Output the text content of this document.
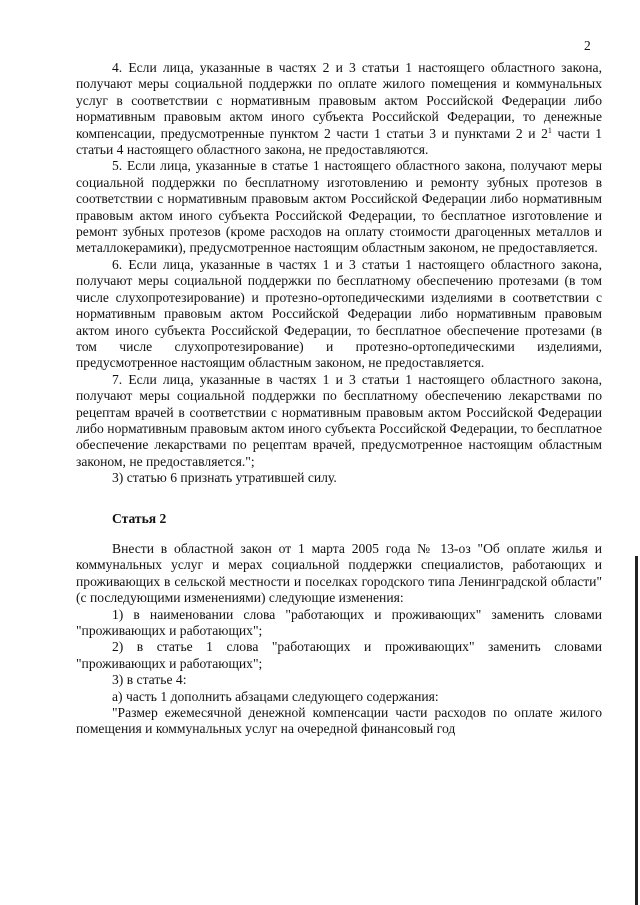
2

4. Если лица, указанные в частях 2 и 3 статьи 1 настоящего областного закона, получают меры социальной поддержки по оплате жилого помещения и коммунальных услуг в соответствии с нормативным правовым актом Российской Федерации либо нормативным правовым актом иного субъекта Российской Федерации, то денежные компенсации, предусмотренные пунктом 2 части 1 статьи 3 и пунктами 2 и $2^1$ части 1 статьи 4 настоящего областного закона, не предоставляются.

5. Если лица, указанные в статье 1 настоящего областного закона, получают меры социальной поддержки по бесплатному изготовлению и ремонту зубных протезов в соответствии с нормативным правовым актом Российской Федерации либо нормативным правовым актом иного субъекта Российской Федерации, то бесплатное изготовление и ремонт зубных протезов (кроме расходов на оплату стоимости драгоценных металлов и металлокерамики), предусмотренное настоящим областным законом, не предоставляется.

6. Если лица, указанные в частях 1 и 3 статьи 1 настоящего областного закона, получают меры социальной поддержки по бесплатному обеспечению протезами (в том числе слухопротезирование) и протезно-ортопедическими изделиями в соответствии с нормативным правовым актом Российской Федерации либо нормативным правовым актом иного субъекта Российской Федерации, то бесплатное обеспечение протезами (в том числе слухопротезирование) и протезно-ортопедическими изделиями, предусмотренное настоящим областным законом, не предоставляется.

7. Если лица, указанные в частях 1 и 3 статьи 1 настоящего областного закона, получают меры социальной поддержки по бесплатному обеспечению лекарствами по рецептам врачей в соответствии с нормативным правовым актом Российской Федерации либо нормативным правовым актом иного субъекта Российской Федерации, то бесплатное обеспечение лекарствами по рецептам врачей, предусмотренное настоящим областным законом, не предоставляется.";

3) статью 6 признать утратившей силу.

Статья 2

Внести в областной закон от 1 марта 2005 года № 13-оз "Об оплате жилья и коммунальных услуг и мерах социальной поддержки специалистов, работающих и проживающих в сельской местности и поселках городского типа Ленинградской области" (с последующими изменениями) следующие изменения:

1) в наименовании слова "работающих и проживающих" заменить словами "проживающих и работающих";

2) в статье 1 слова "работающих и проживающих" заменить словами "проживающих и работающих";

3) в статье 4:

а) часть 1 дополнить абзацами следующего содержания:

"Размер ежемесячной денежной компенсации части расходов по оплате жилого помещения и коммунальных услуг на очередной финансовый год
